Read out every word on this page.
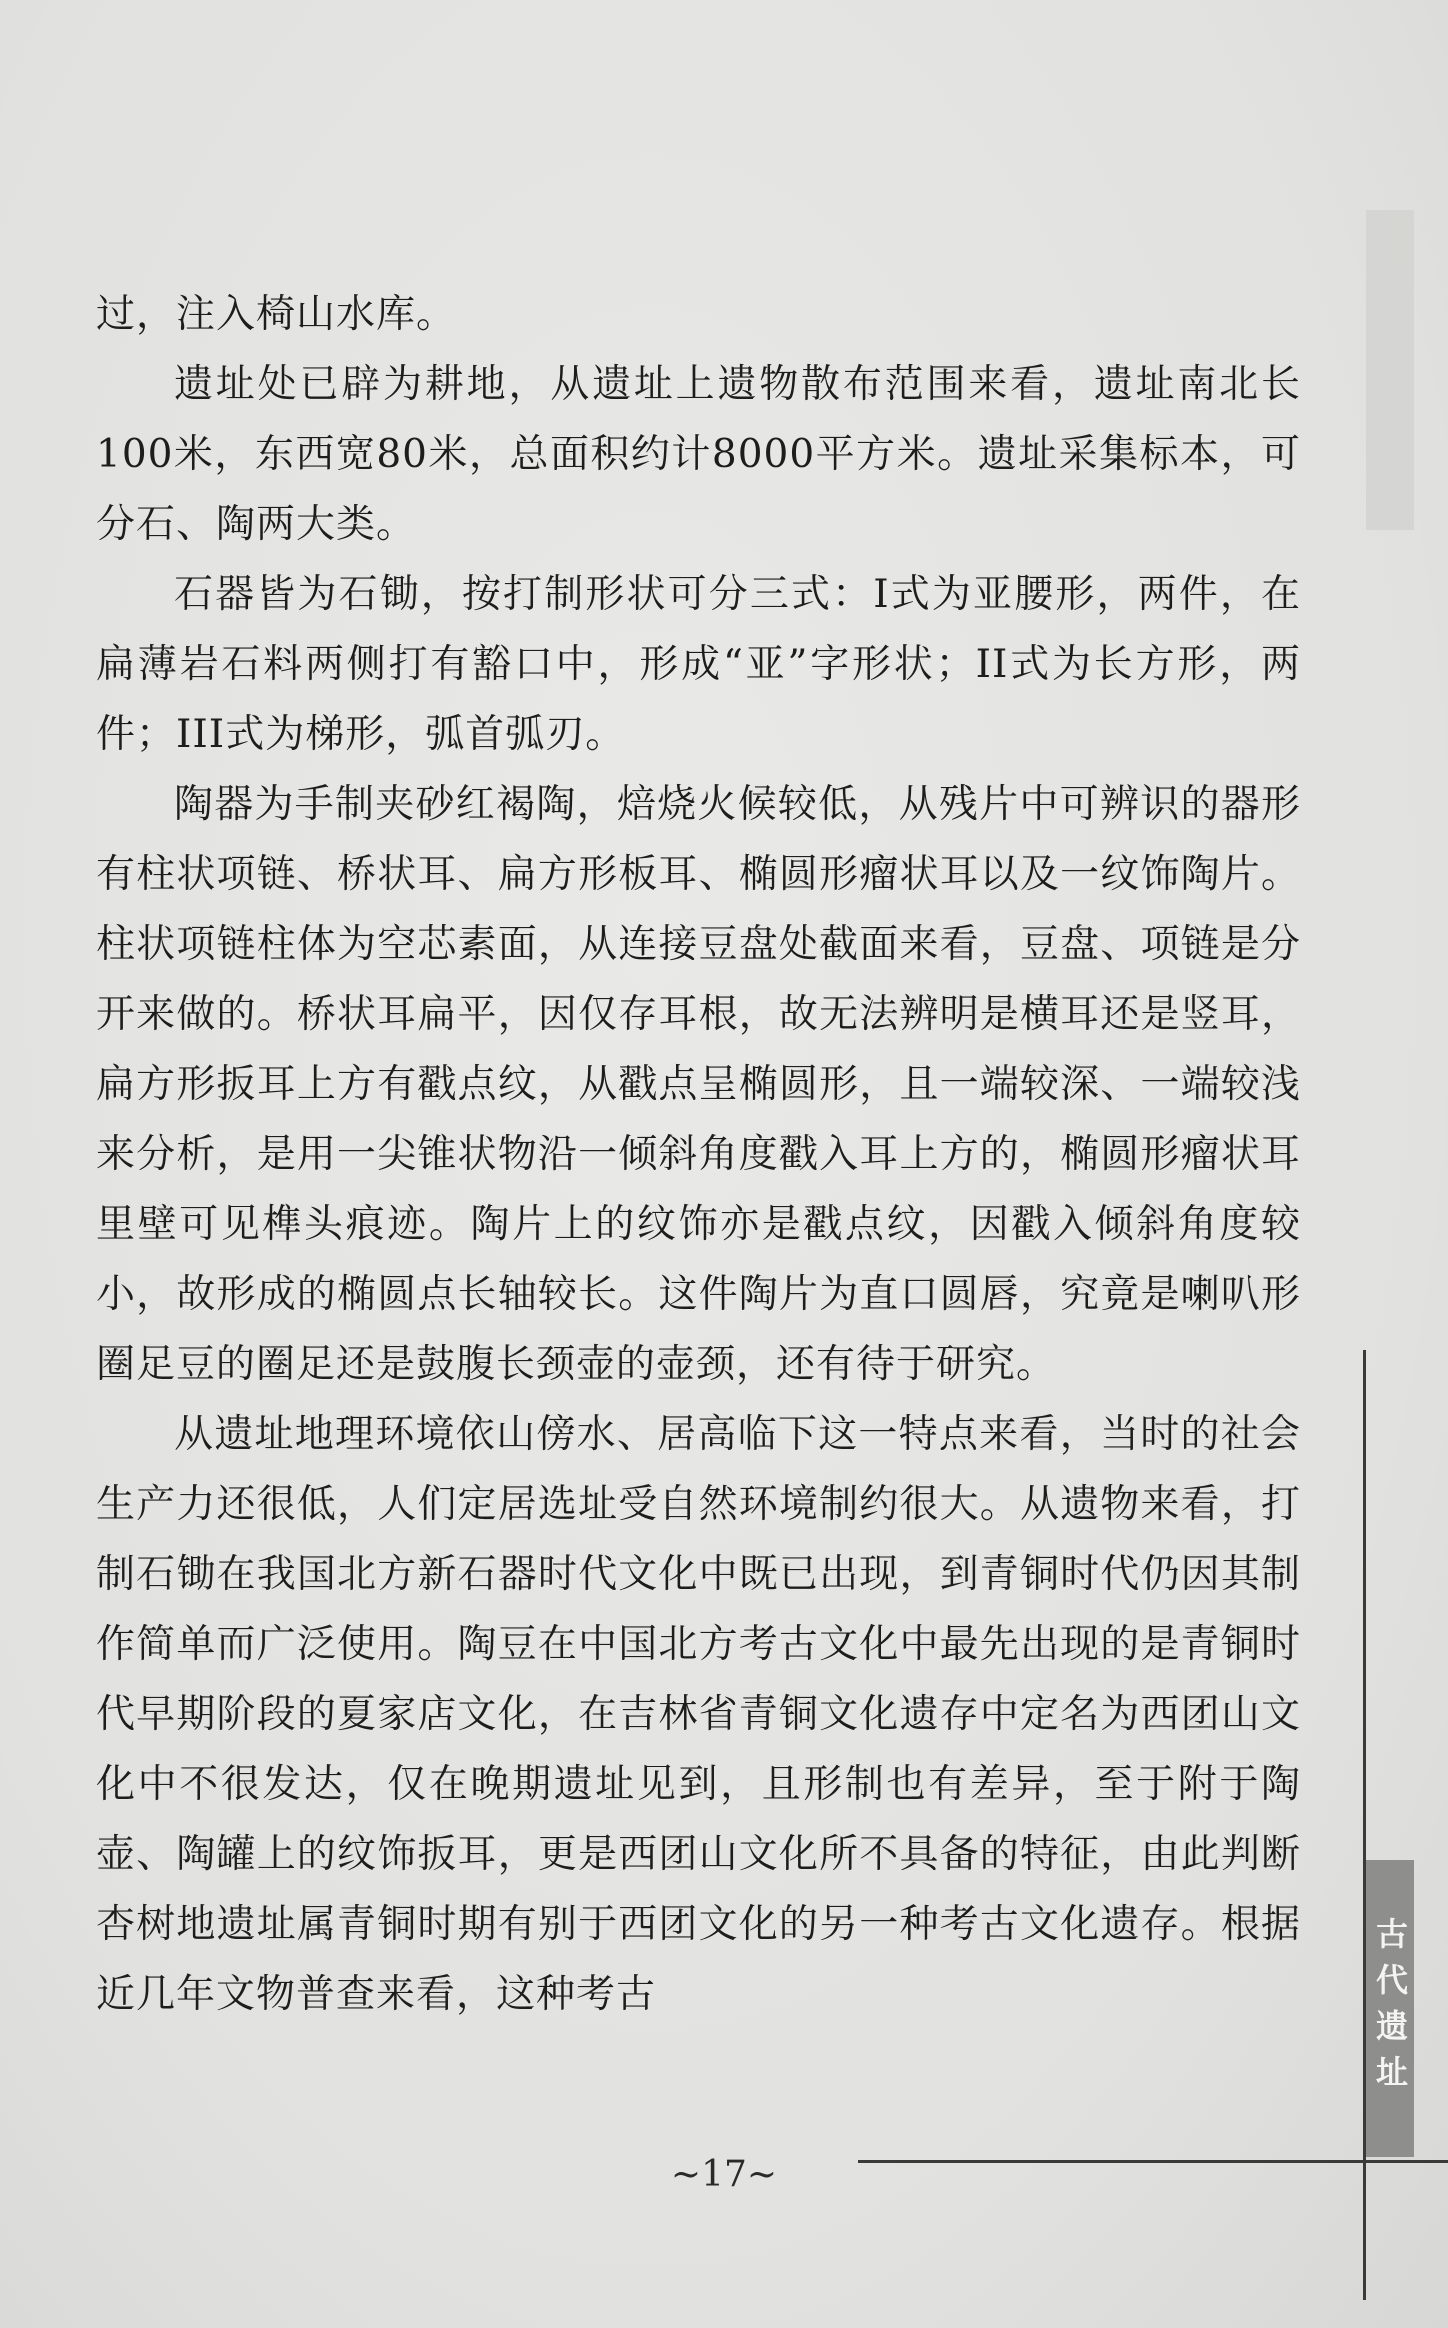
过，注入椅山水库。

遗址处已辟为耕地，从遗址上遗物散布范围来看，遗址南北长100米，东西宽80米，总面积约计8000平方米。遗址采集标本，可分石、陶两大类。

石器皆为石锄，按打制形状可分三式：I式为亚腰形，两件，在扁薄岩石料两侧打有豁口中，形成“亚”字形状；II式为长方形，两件；III式为梯形，弧首弧刃。

陶器为手制夹砂红褐陶，焙烧火候较低，从残片中可辨识的器形有柱状项链、桥状耳、扁方形板耳、椭圆形瘤状耳以及一纹饰陶片。柱状项链柱体为空芯素面，从连接豆盘处截面来看，豆盘、项链是分开来做的。桥状耳扁平，因仅存耳根，故无法辨明是横耳还是竖耳，扁方形扳耳上方有戳点纹，从戳点呈椭圆形，且一端较深、一端较浅来分析，是用一尖锥状物沿一倾斜角度戳入耳上方的，椭圆形瘤状耳里壁可见榫头痕迹。陶片上的纹饰亦是戳点纹，因戳入倾斜角度较小，故形成的椭圆点长轴较长。这件陶片为直口圆唇，究竟是喇叭形圈足豆的圈足还是鼓腹长颈壶的壶颈，还有待于研究。

从遗址地理环境依山傍水、居高临下这一特点来看，当时的社会生产力还很低，人们定居选址受自然环境制约很大。从遗物来看，打制石锄在我国北方新石器时代文化中既已出现，到青铜时代仍因其制作简单而广泛使用。陶豆在中国北方考古文化中最先出现的是青铜时代早期阶段的夏家店文化，在吉林省青铜文化遗存中定名为西团山文化中不很发达，仅在晚期遗址见到，且形制也有差异，至于附于陶壶、陶罐上的纹饰扳耳，更是西团山文化所不具备的特征，由此判断杏树地遗址属青铜时期有别于西团文化的另一种考古文化遗存。根据近几年文物普查来看，这种考古	古代遗址
~17~
